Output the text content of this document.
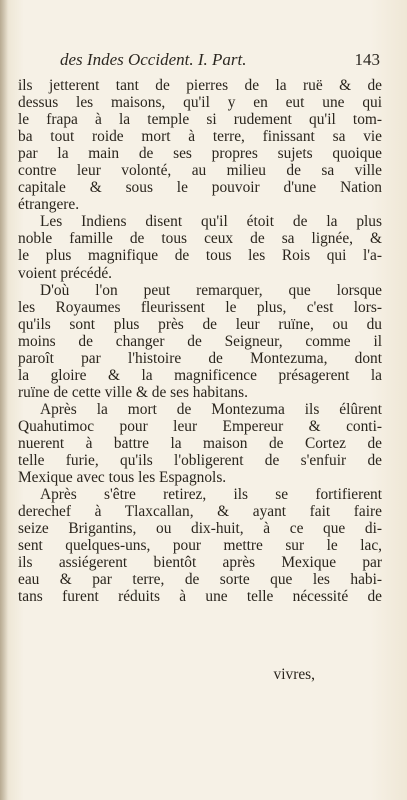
des Indes Occident. I. Part.	143
ils jetterent tant de pierres de la ruë & de
dessus les maisons, qu'il y en eut une qui
le frapa à la temple si rudement qu'il tom-
ba tout roide mort à terre, finissant sa vie
par la main de ses propres sujets quoique
contre leur volonté, au milieu de sa ville
capitale & sous le pouvoir d'une Nation
étrangere.
Les Indiens disent qu'il étoit de la plus
noble famille de tous ceux de sa lignée, &
le plus magnifique de tous les Rois qui l'a-
voient précédé.
D'où l'on peut remarquer, que lorsque
les Royaumes fleurissent le plus, c'est lors-
qu'ils sont plus près de leur ruïne, ou du
moins de changer de Seigneur, comme il
paroît par l'histoire de Montezuma, dont
la gloire & la magnificence présagerent la
ruïne de cette ville & de ses habitans.
Après la mort de Montezuma ils élûrent
Quahutimoc pour leur Empereur & conti-
nuerent à battre la maison de Cortez de
telle furie, qu'ils l'obligerent de s'enfuir de
Mexique avec tous les Espagnols.
Après s'être retirez, ils se fortifierent
derechef à Tlaxcallan, & ayant fait faire
seize Brigantins, ou dix-huit, à ce que di-
sent quelques-uns, pour mettre sur le lac,
ils assiégerent bientôt après Mexique par
eau & par terre, de sorte que les habi-
tans furent réduits à une telle nécessité de
vivres,
